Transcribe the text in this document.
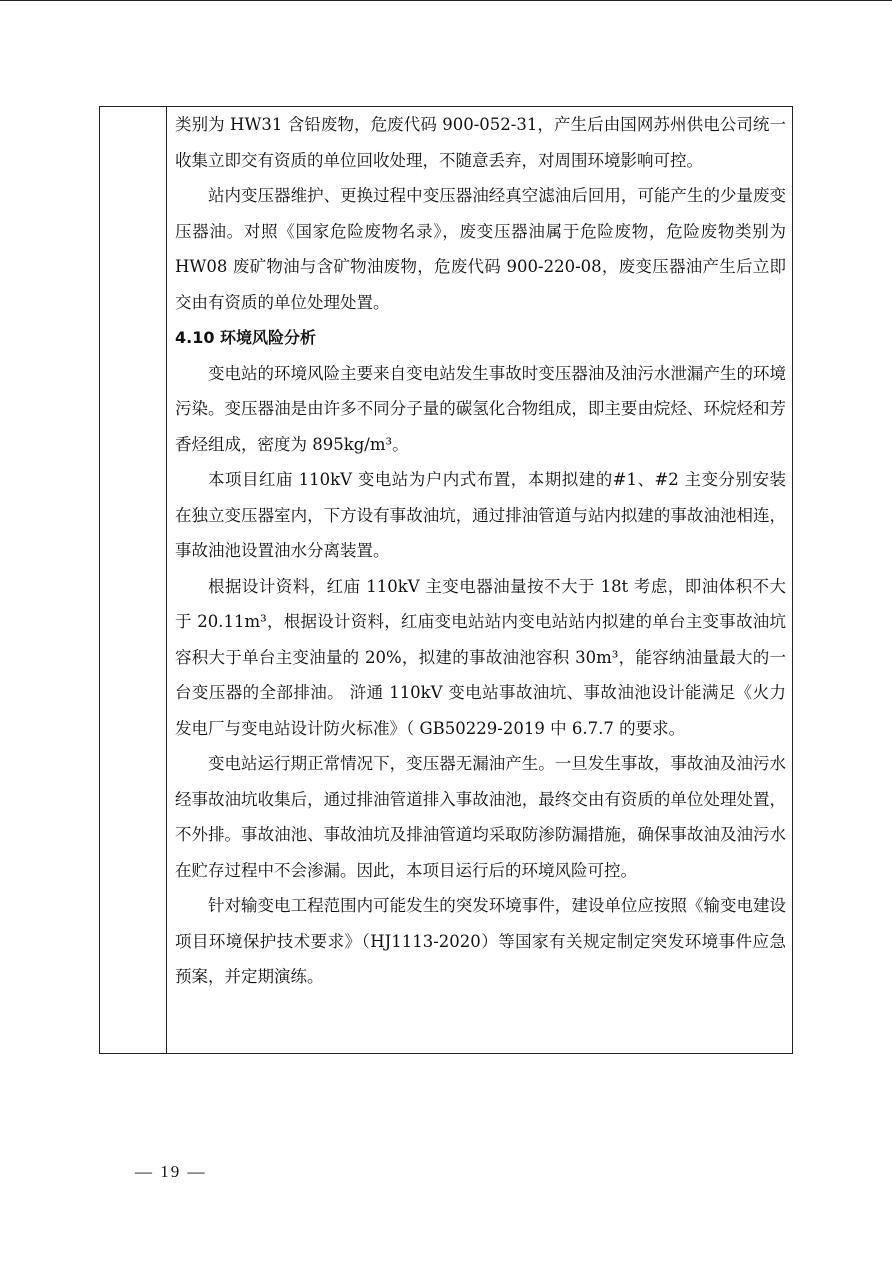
类别为 HW31 含铅废物，危废代码 900-052-31，产生后由国网苏州供电公司统一收集立即交有资质的单位回收处理，不随意丢弃，对周围环境影响可控。

站内变压器维护、更换过程中变压器油经真空滤油后回用，可能产生的少量废变压器油。对照《国家危险废物名录》，废变压器油属于危险废物，危险废物类别为 HW08 废矿物油与含矿物油废物，危废代码 900-220-08，废变压器油产生后立即交由有资质的单位处理处置。

4.10 环境风险分析

变电站的环境风险主要来自变电站发生事故时变压器油及油污水泄漏产生的环境污染。变压器油是由许多不同分子量的碳氢化合物组成，即主要由烷烃、环烷烃和芳香烃组成，密度为 895kg/m³。

本项目红庙 110kV 变电站为户内式布置，本期拟建的#1、#2 主变分别安装在独立变压器室内，下方设有事故油坑，通过排油管道与站内拟建的事故油池相连，事故油池设置油水分离装置。

根据设计资料，红庙 110kV 主变电器油量按不大于 18t 考虑，即油体积不大于 20.11m³，根据设计资料，红庙变电站站内变电站站内拟建的单台主变事故油坑容积大于单台主变油量的 20%，拟建的事故油池容积 30m³，能容纳油量最大的一台变压器的全部排油。 浒通 110kV 变电站事故油坑、事故油池设计能满足《火力发电厂与变电站设计防火标准》（ GB50229-2019 中 6.7.7 的要求。

变电站运行期正常情况下，变压器无漏油产生。一旦发生事故，事故油及油污水经事故油坑收集后，通过排油管道排入事故油池，最终交由有资质的单位处理处置，不外排。事故油池、事故油坑及排油管道均采取防渗防漏措施，确保事故油及油污水在贮存过程中不会渗漏。因此，本项目运行后的环境风险可控。

针对输变电工程范围内可能发生的突发环境事件，建设单位应按照《输变电建设项目环境保护技术要求》（HJ1113-2020）等国家有关规定制定突发环境事件应急预案，并定期演练。

— 19 —
